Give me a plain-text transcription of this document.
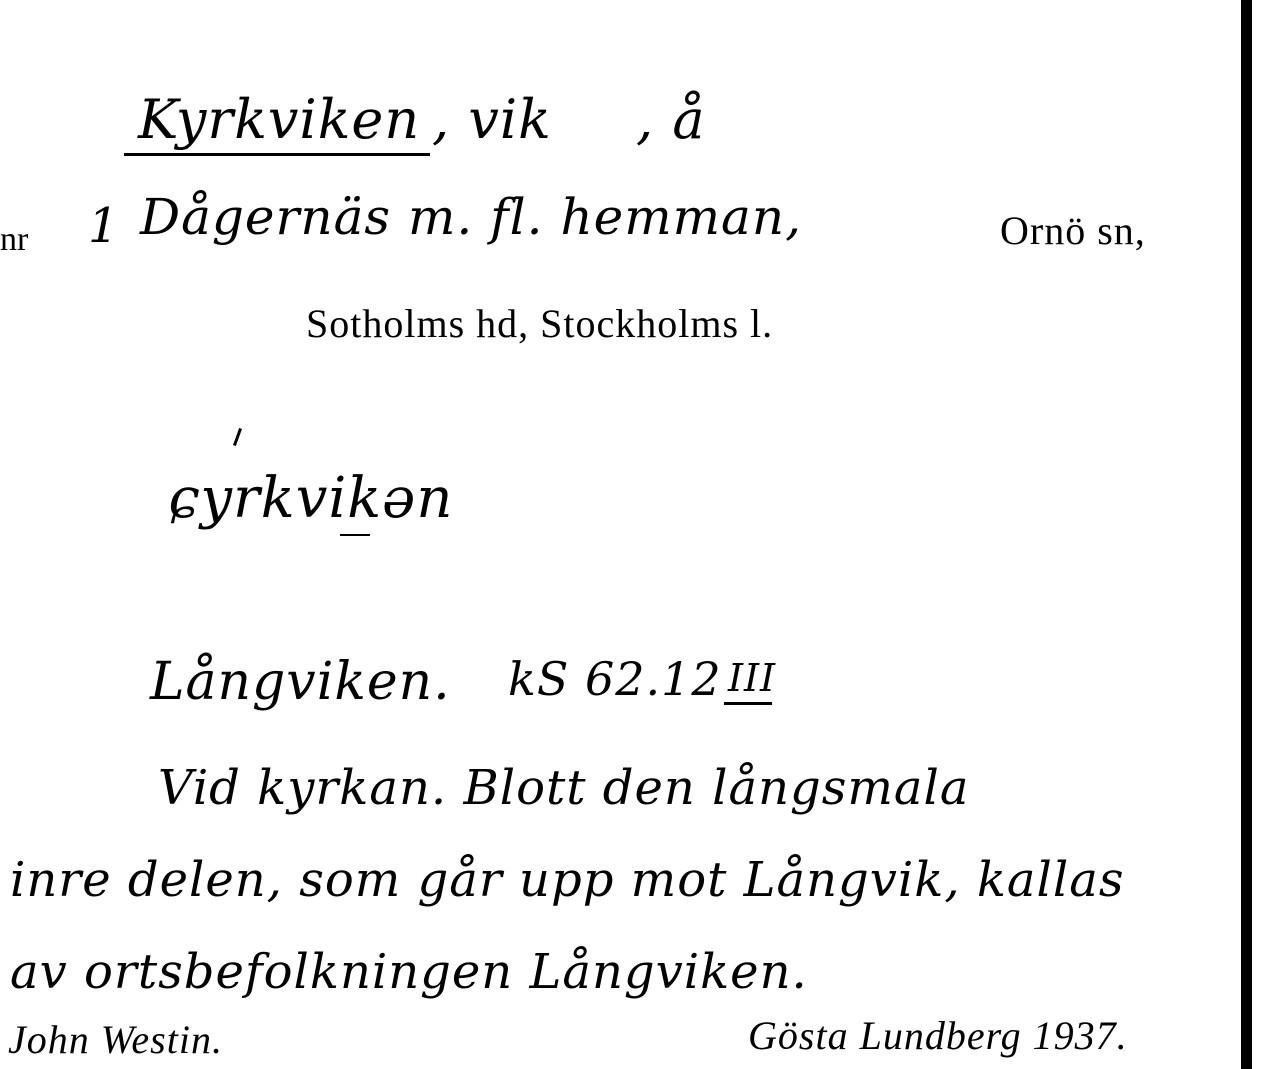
Kyrkviken , vik , å
nr 1 Dågernäs m. fl. hemman,	Ornö sn,
Sotholms hd, Stockholms l.
ɕyrkvikən
Långviken. kS 62.12 III
Vid kyrkan. Blott den långsmala
inre delen, som går upp mot Långvik, kallas
av ortsbefolkningen Långviken.
John Westin.	Gösta Lundberg 1937.
